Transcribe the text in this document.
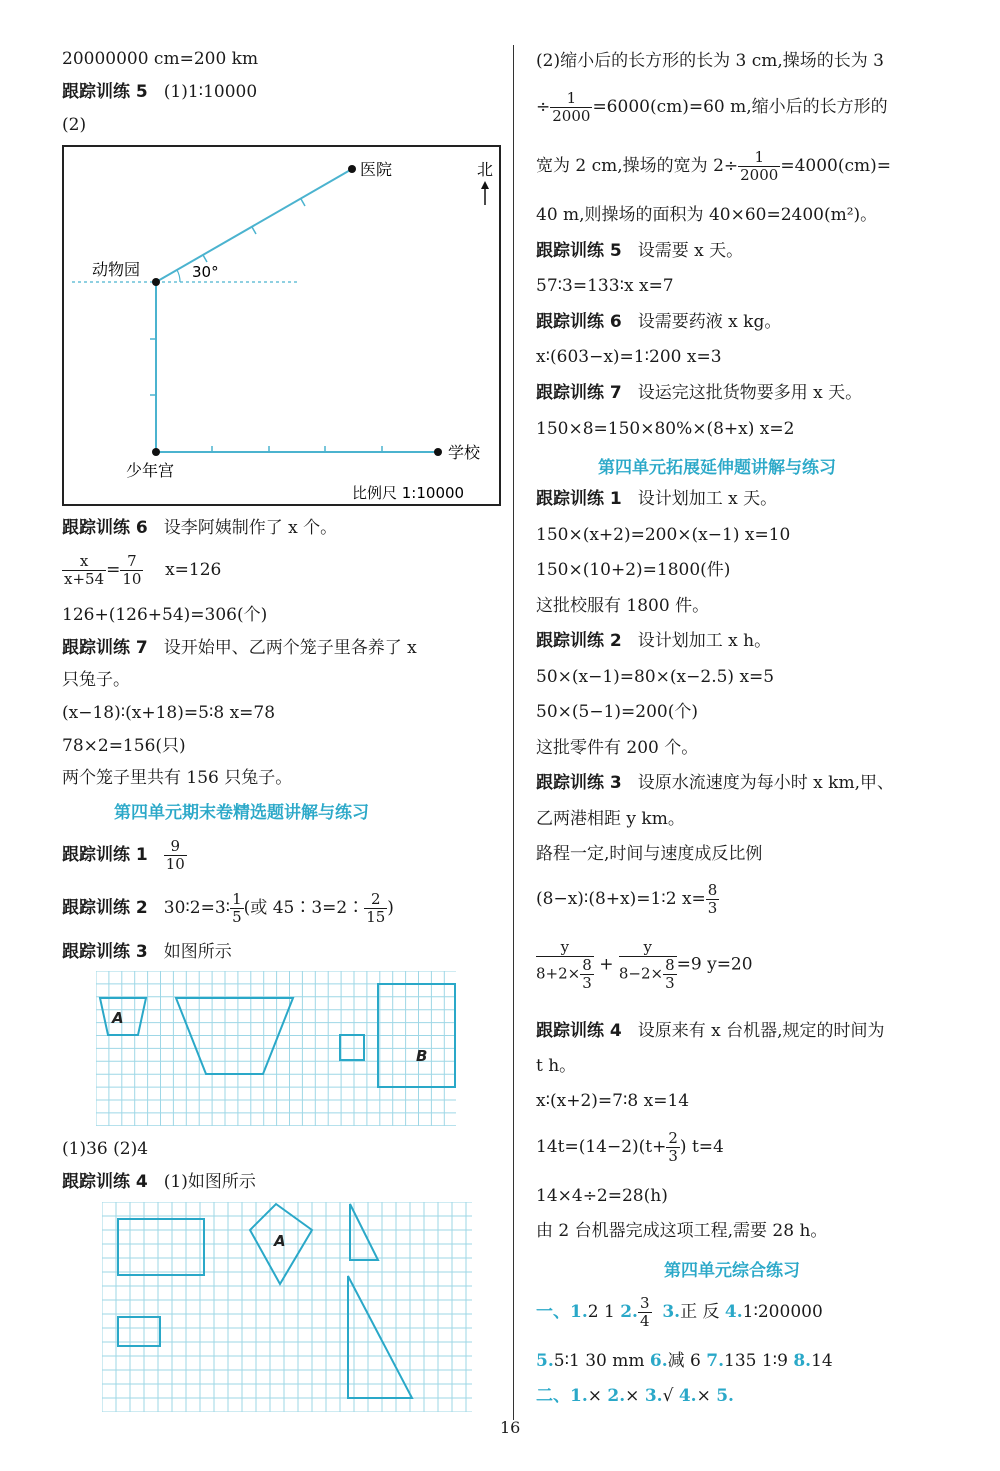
20000000 cm=200 km
跟踪训练 5 (1)1∶10000
(2)
医院	北
动物园	30°
学校
少年宫
比例尺 1:10000
跟踪训练 6 设李阿姨制作了 x 个。
$\frac{x}{x+54} = \frac{7}{10} x=126$
126+(126+54)=306(个)
跟踪训练 7 设开始甲、乙两个笼子里各养了 x
只兔子。
(x−18)∶(x+18)=5∶8 x=78
78×2=156(只)
两个笼子里共有 156 只兔子。
第四单元期末卷精选题讲解与练习
跟踪训练 $1 \frac{9}{10}$
跟踪训练 2 30∶2=3∶ $\frac{1}{5}$ (或 45∶3=2∶ $\frac{2}{15}$ )
跟踪训练 3 如图所示
A
B
(1)36 (2)4
跟踪训练 4 (1)如图所示
A
(2)缩小后的长方形的长为 3 cm,操场的长为 3
÷ $\frac{1}{2000} =6000(cm)=60$ m,缩小后的长方形的
宽为 2 cm,操场的宽为 $2\div \frac{1}{2000} =4000(cm)=$
40 m,则操场的面积为 40×60=2400(m²)。
跟踪训练 5 设需要 x 天。
57∶3=133∶x x=7
跟踪训练 6 设需要药液 x kg。
x∶(603−x)=1∶200 x=3
跟踪训练 7 设运完这批货物要多用 x 天。
150×8=150×80%×(8+x) x=2
第四单元拓展延伸题讲解与练习
跟踪训练 1 设计划加工 x 天。
150×(x+2)=200×(x−1) x=10
150×(10+2)=1800(件)
这批校服有 1800 件。
跟踪训练 2 设计划加工 x h。
50×(x−1)=80×(x−2.5) x=5
50×(5−1)=200(个)
这批零件有 200 个。
跟踪训练 3 设原水流速度为每小时 x km,甲、
乙两港相距 y km。
路程一定,时间与速度成反比例
(8−x)∶(8+x)=1∶2 $x= \frac{8}{3}$
$\frac{y}{8+2\times \frac{8}{3}} + \frac{y}{8-2\times \frac{8}{3}} =9$ y=20
跟踪训练 4 设原来有 x 台机器,规定的时间为
t h。
x∶(x+2)=7∶8 x=14
$14t=(14-2)(t+ \frac{2}{3}$ ) t=4
14×4÷2=28(h)
由 2 台机器完成这项工程,需要 28 h。
第四单元综合练习
一、1.2 1 2. $\frac{3}{4} 3$.正 反 4.1∶200000
5.5∶1 30 mm 6.减 6 7.135 1∶9 8.14
二、1.× 2.× 3.√ 4.× 5.
16
